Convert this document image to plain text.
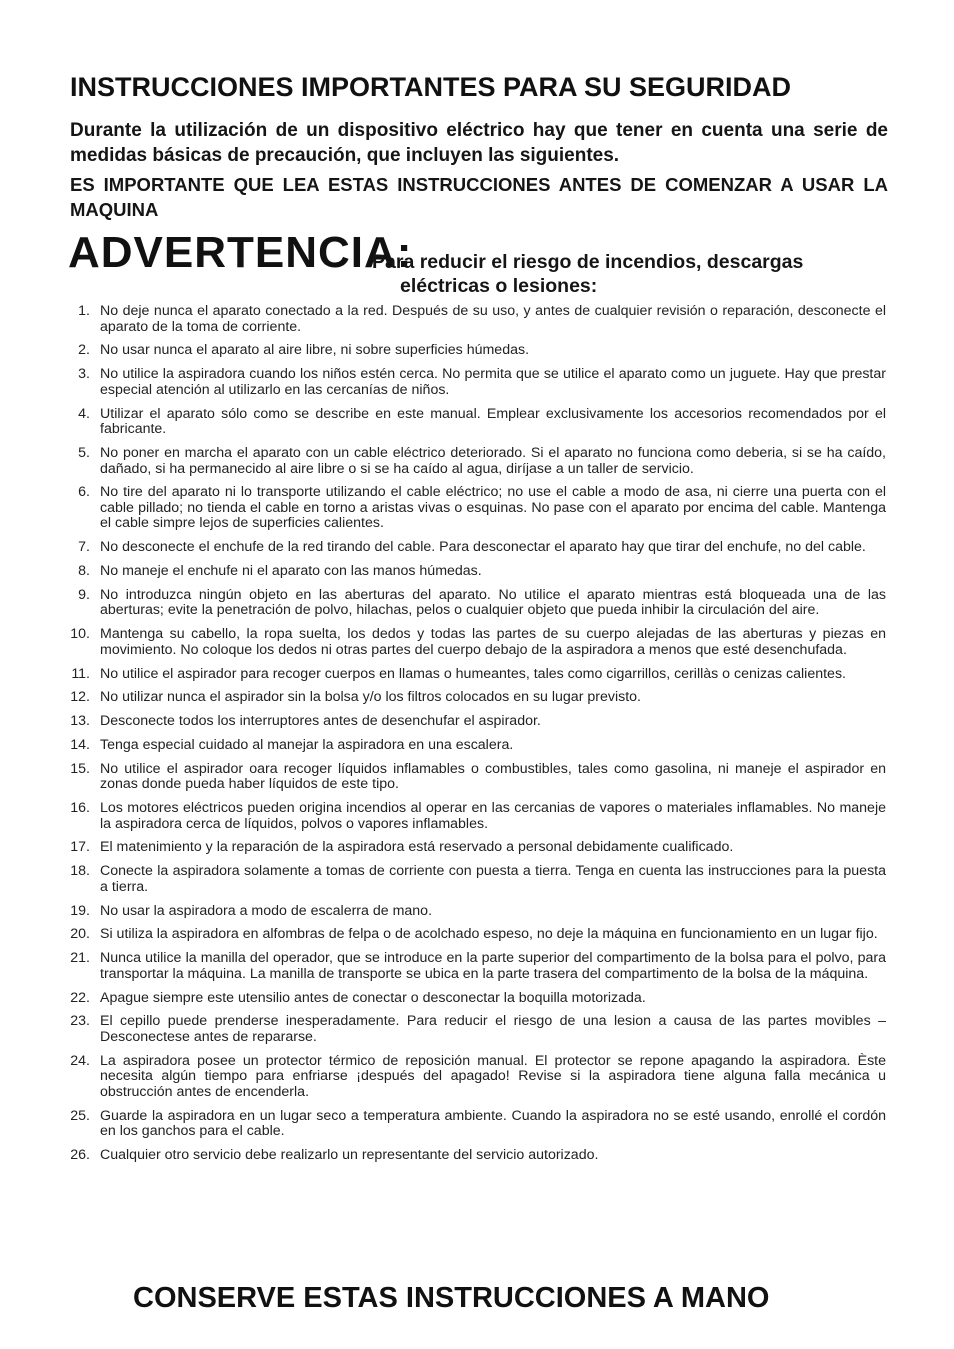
INSTRUCCIONES IMPORTANTES PARA SU SEGURIDAD
Durante la utilización de un dispositivo eléctrico hay que tener en cuenta una serie de medidas básicas de precaución, que incluyen las siguientes.
ES IMPORTANTE QUE LEA ESTAS INSTRUCCIONES ANTES DE COMENZAR A USAR LA MAQUINA
ADVERTENCIA:
Para reducir el riesgo de incendios, descargas
eléctricas o lesiones:
1. No deje nunca el aparato conectado a la red. Después de su uso, y antes de cualquier revisión o reparación, desconecte el aparato de la toma de corriente.
2. No usar nunca el aparato al aire libre, ni sobre superficies húmedas.
3. No utilice la aspiradora cuando los niños estén cerca. No permita que se utilice el aparato como un juguete. Hay que prestar especial atención al utilizarlo en las cercanías de niños.
4. Utilizar el aparato sólo como se describe en este manual. Emplear exclusivamente los accesorios recomendados por el fabricante.
5. No poner en marcha el aparato con un cable eléctrico deteriorado. Si el aparato no funciona como deberia, si se ha caído, dañado, si ha permanecido al aire libre o si se ha caído al agua, diríjase a un taller de servicio.
6. No tire del aparato ni lo transporte utilizando el cable eléctrico; no use el cable a modo de asa, ni cierre una puerta con el cable pillado; no tienda el cable en torno a aristas vivas o esquinas. No pase con el aparato por encima del cable. Mantenga el cable simpre lejos de superficies calientes.
7. No desconecte el enchufe de la red tirando del cable. Para desconectar el aparato hay que tirar del enchufe, no del cable.
8. No maneje el enchufe ni el aparato con las manos húmedas.
9. No introduzca ningún objeto en las aberturas del aparato. No utilice el aparato mientras está bloqueada una de las aberturas; evite la penetración de polvo, hilachas, pelos o cualquier objeto que pueda inhibir la circulación del aire.
10. Mantenga su cabello, la ropa suelta, los dedos y todas las partes de su cuerpo alejadas de las aberturas y piezas en movimiento. No coloque los dedos ni otras partes del cuerpo debajo de la aspiradora a menos que esté desenchufada.
11. No utilice el aspirador para recoger cuerpos en llamas o humeantes, tales como cigarrillos, cerillàs o cenizas calientes.
12. No utilizar nunca el aspirador sin la bolsa y/o los filtros colocados en su lugar previsto.
13. Desconecte todos los interruptores antes de desenchufar el aspirador.
14. Tenga especial cuidado al manejar la aspiradora en una escalera.
15. No utilice el aspirador oara recoger líquidos inflamables o combustibles, tales como gasolina, ni maneje el aspirador en zonas donde pueda haber líquidos de este tipo.
16. Los motores eléctricos pueden origina incendios al operar en las cercanias de vapores o materiales inflamables. No maneje la aspiradora cerca de líquidos, polvos o vapores inflamables.
17. El matenimiento y la reparación de la aspiradora está reservado a personal debidamente cualificado.
18. Conecte la aspiradora solamente a tomas de corriente con puesta a tierra. Tenga en cuenta las instrucciones para la puesta a tierra.
19. No usar la aspiradora a modo de escalerra de mano.
20. Si utiliza la aspiradora en alfombras de felpa o de acolchado espeso, no deje la máquina en funcionamiento en un lugar fijo.
21. Nunca utilice la manilla del operador, que se introduce en la parte superior del compartimento de la bolsa para el polvo, para transportar la máquina. La manilla de transporte se ubica en la parte trasera del compartimento de la bolsa de la máquina.
22. Apague siempre este utensilio antes de conectar o desconectar la boquilla motorizada.
23. El cepillo puede prenderse inesperadamente. Para reducir el riesgo de una lesion a causa de las partes movibles – Desconectese antes de repararse.
24. La aspiradora posee un protector térmico de reposición manual. El protector se repone apagando la aspiradora. Èste necesita algún tiempo para enfriarse ¡después del apagado! Revise si la aspiradora tiene alguna falla mecánica u obstrucción antes de encenderla.
25. Guarde la aspiradora en un lugar seco a temperatura ambiente. Cuando la aspiradora no se esté usando, enrollé el cordón en los ganchos para el cable.
26. Cualquier otro servicio debe realizarlo un representante del servicio autorizado.
CONSERVE ESTAS INSTRUCCIONES A MANO
